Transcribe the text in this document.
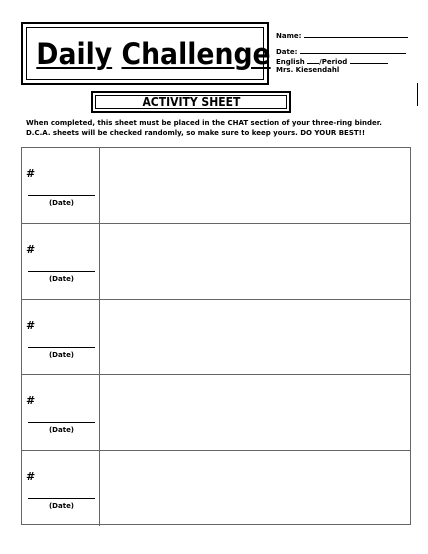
Daily Challenge
Name:
Date:
English /Period
Mrs. Kiesendahl
ACTIVITY SHEET
When completed, this sheet must be placed in the CHAT section of your three-ring binder. D.C.A. sheets will be checked randomly, so make sure to keep yours. DO YOUR BEST!!
#
(Date)
#
(Date)
#
(Date)
#
(Date)
#
(Date)
